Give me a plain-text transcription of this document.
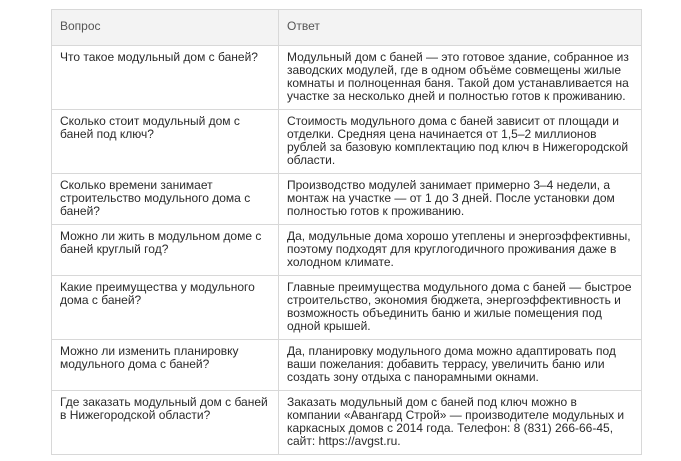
Вопрос	Ответ
Что такое модульный дом с баней?	Модульный дом с баней — это готовое здание, собранное из заводских модулей, где в одном объёме совмещены жилые комнаты и полноценная баня. Такой дом устанавливается на участке за несколько дней и полностью готов к проживанию.
Сколько стоит модульный дом с баней под ключ?	Стоимость модульного дома с баней зависит от площади и отделки. Средняя цена начинается от 1,5–2 миллионов рублей за базовую комплектацию под ключ в Нижегородской области.
Сколько времени занимает строительство модульного дома с баней?	Производство модулей занимает примерно 3–4 недели, а монтаж на участке — от 1 до 3 дней. После установки дом полностью готов к проживанию.
Можно ли жить в модульном доме с баней круглый год?	Да, модульные дома хорошо утеплены и энергоэффективны, поэтому подходят для круглогодичного проживания даже в холодном климате.
Какие преимущества у модульного дома с баней?	Главные преимущества модульного дома с баней — быстрое строительство, экономия бюджета, энергоэффективность и возможность объединить баню и жилые помещения под одной крышей.
Можно ли изменить планировку модульного дома с баней?	Да, планировку модульного дома можно адаптировать под ваши пожелания: добавить террасу, увеличить баню или создать зону отдыха с панорамными окнами.
Где заказать модульный дом с баней в Нижегородской области?	Заказать модульный дом с баней под ключ можно в компании «Авангард Строй» — производителе модульных и каркасных домов с 2014 года. Телефон: 8 (831) 266-66-45, сайт: https://avgst.ru.
